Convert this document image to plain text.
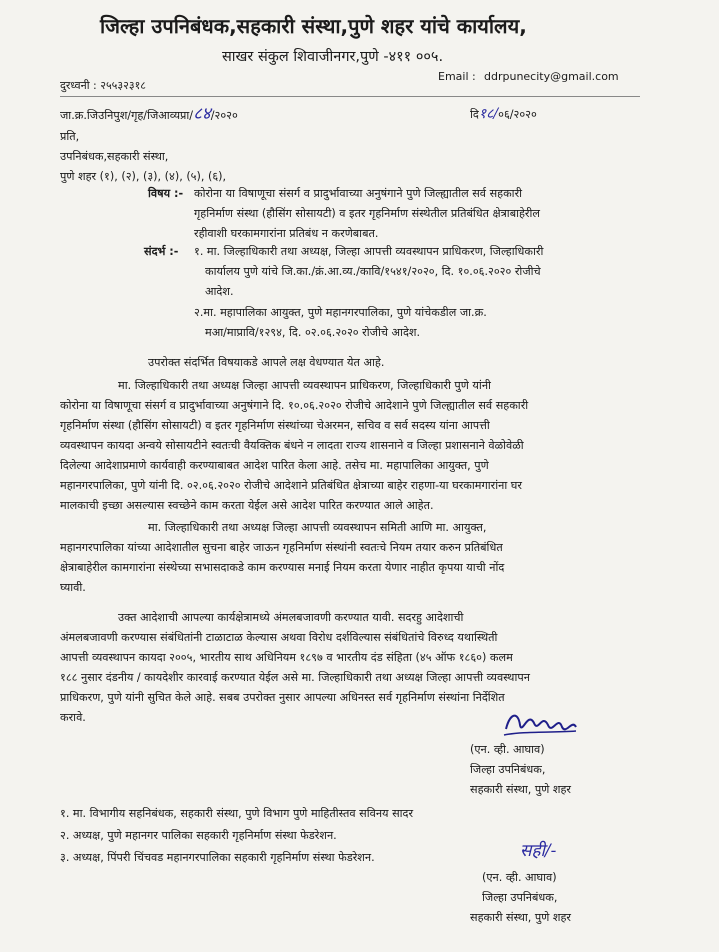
जिल्हा उपनिबंधक,सहकारी संस्था,पुणे शहर यांचे कार्यालय,
साखर संकुल शिवाजीनगर,पुणे -४११ ००५.
दुरध्वनी : २५५३२३१८
Email : ddrpunecity@gmail.com
जा.क्र.जिउनिपुश/गृह/जिआव्यप्रा/८४/२०२०	दि१८/०६/२०२०
प्रति,
उपनिबंधक,सहकारी संस्था,
पुणे शहर (१), (२), (३), (४), (५), (६),
विषय :- कोरोना या विषाणूचा संसर्ग व प्रादुर्भावाच्या अनुषंगाने पुणे जिल्ह्यातील सर्व सहकारी
गृहनिर्माण संस्था (हौसिंग सोसायटी) व इतर गृहनिर्माण संस्थेतील प्रतिबंधित क्षेत्राबाहेरील
रहीवाशी घरकामगारांना प्रतिबंध न करणेबाबत.
संदर्भ :- १. मा. जिल्हाधिकारी तथा अध्यक्ष, जिल्हा आपत्ती व्यवस्थापन प्राधिकरण, जिल्हाधिकारी
कार्यालय पुणे यांचे जि.का./क्रं.आ.व्य./कावि/१५४१/२०२०, दि. १०.०६.२०२० रोजीचे
आदेश.
२.मा. महापालिका आयुक्त, पुणे महानगरपालिका, पुणे यांचेकडील जा.क्र.
मआ/माप्रावि/१२९४, दि. ०२.०६.२०२० रोजीचे आदेश.
उपरोक्त संदर्भित विषयाकडे आपले लक्ष वेधण्यात येत आहे.
मा. जिल्हाधिकारी तथा अध्यक्ष जिल्हा आपत्ती व्यवस्थापन प्राधिकरण, जिल्हाधिकारी पुणे यांनी
कोरोना या विषाणूचा संसर्ग व प्रादुर्भावाच्या अनुषंगाने दि. १०.०६.२०२० रोजीचे आदेशाने पुणे जिल्ह्यातील सर्व सहकारी
गृहनिर्माण संस्था (हौसिंग सोसायटी) व इतर गृहनिर्माण संस्थांच्या चेअरमन, सचिव व सर्व सदस्य यांना आपत्ती
व्यवस्थापन कायदा अन्वये सोसायटीने स्वतःची वैयक्तिक बंधने न लादता राज्य शासनाने व जिल्हा प्रशासनाने वेळोवेळी
दिलेल्या आदेशाप्रमाणे कार्यवाही करण्याबाबत आदेश पारित केला आहे. तसेच मा. महापालिका आयुक्त, पुणे
महानगरपालिका, पुणे यांनी दि. ०२.०६.२०२० रोजीचे आदेशाने प्रतिबंधित क्षेत्राच्या बाहेर राहणा-या घरकामगारांना घर
मालकाची इच्छा असल्यास स्वच्छेने काम करता येईल असे आदेश पारित करण्यात आले आहेत.
मा. जिल्हाधिकारी तथा अध्यक्ष जिल्हा आपत्ती व्यवस्थापन समिती आणि मा. आयुक्त,
महानगरपालिका यांच्या आदेशातील सुचना बाहेर जाऊन गृहनिर्माण संस्थांनी स्वतःचे नियम तयार करुन प्रतिबंधित
क्षेत्राबाहेरील कामगारांना संस्थेच्या सभासदाकडे काम करण्यास मनाई नियम करता येणार नाहीत कृपया याची नोंद
घ्यावी.
उक्त आदेशाची आपल्या कार्यक्षेत्रामध्ये अंमलबजावणी करण्यात यावी. सदरहु आदेशाची
अंमलबजावणी करण्यास संबंधितांनी टाळाटाळ केल्यास अथवा विरोध दर्शविल्यास संबंधितांचे विरुध्द यथास्थिती
आपत्ती व्यवस्थापन कायदा २००५, भारतीय साथ अधिनियम १८९७ व भारतीय दंड संहिता (४५ ऑफ १८६०) कलम
१८८ नुसार दंडनीय / कायदेशीर कारवाई करण्यात येईल असे मा. जिल्हाधिकारी तथा अध्यक्ष जिल्हा आपत्ती व्यवस्थापन
प्राधिकरण, पुणे यांनी सुचित केले आहे. सबब उपरोक्त नुसार आपल्या अधिनस्त सर्व गृहनिर्माण संस्थांना निर्देशित
करावे.
(एन. व्ही. आघाव)
जिल्हा उपनिबंधक,
सहकारी संस्था, पुणे शहर
१. मा. विभागीय सहनिबंधक, सहकारी संस्था, पुणे विभाग पुणे माहितीस्तव सविनय सादर
२. अध्यक्ष, पुणे महानगर पालिका सहकारी गृहनिर्माण संस्था फेडरेशन.
३. अध्यक्ष, पिंपरी चिंचवड महानगरपालिका सहकारी गृहनिर्माण संस्था फेडरेशन.	सही/-
(एन. व्ही. आघाव)
जिल्हा उपनिबंधक,
सहकारी संस्था, पुणे शहर
